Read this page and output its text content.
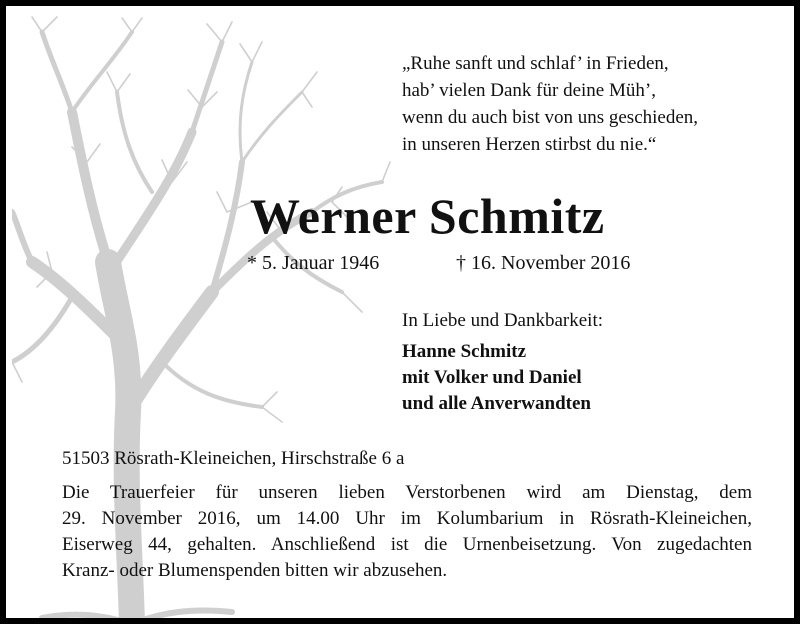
„Ruhe sanft und schlaf’ in Frieden,
hab’ vielen Dank für deine Müh’,
wenn du auch bist von uns geschieden,
in unseren Herzen stirbst du nie.“
Werner Schmitz
* 5. Januar 1946	† 16. November 2016
In Liebe und Dankbarkeit:
Hanne Schmitz
mit Volker und Daniel
und alle Anverwandten
51503 Rösrath-Kleineichen, Hirschstraße 6 a
Die Trauerfeier für unseren lieben Verstorbenen wird am Dienstag, dem
29. November 2016, um 14.00 Uhr im Kolumbarium in Rösrath-Kleineichen,
Eiserweg 44, gehalten. Anschließend ist die Urnenbeisetzung. Von zugedachten
Kranz- oder Blumenspenden bitten wir abzusehen.
